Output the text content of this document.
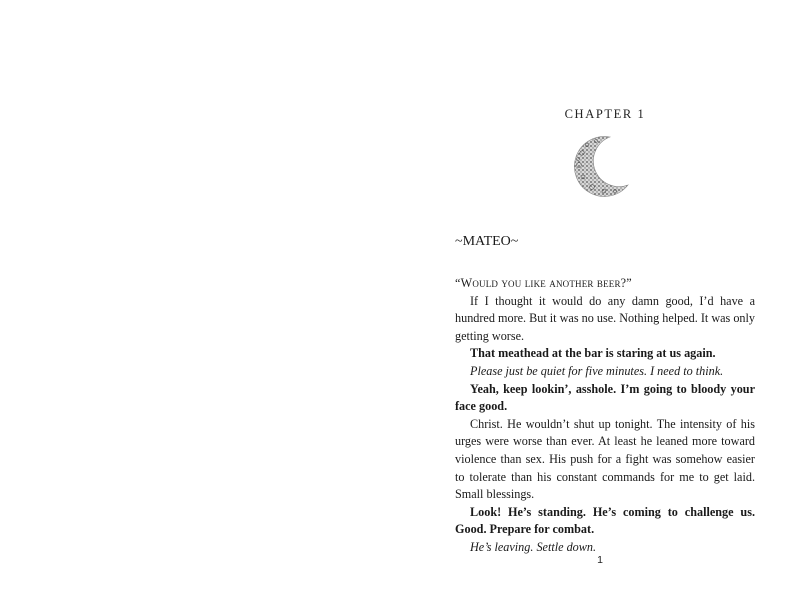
CHAPTER 1
~MATEO~

“Would you like another beer?”

If I thought it would do any damn good, I’d have a hundred more. But it was no use. Nothing helped. It was only getting worse.

That meathead at the bar is staring at us again.

Please just be quiet for five minutes. I need to think.

Yeah, keep lookin’, asshole. I’m going to bloody your face good.

Christ. He wouldn’t shut up tonight. The intensity of his urges were worse than ever. At least he leaned more toward violence than sex. His push for a fight was somehow easier to tolerate than his constant commands for me to get laid. Small blessings.

Look! He’s standing. He’s coming to challenge us. Good. Prepare for combat.

He’s leaving. Settle down.

1
